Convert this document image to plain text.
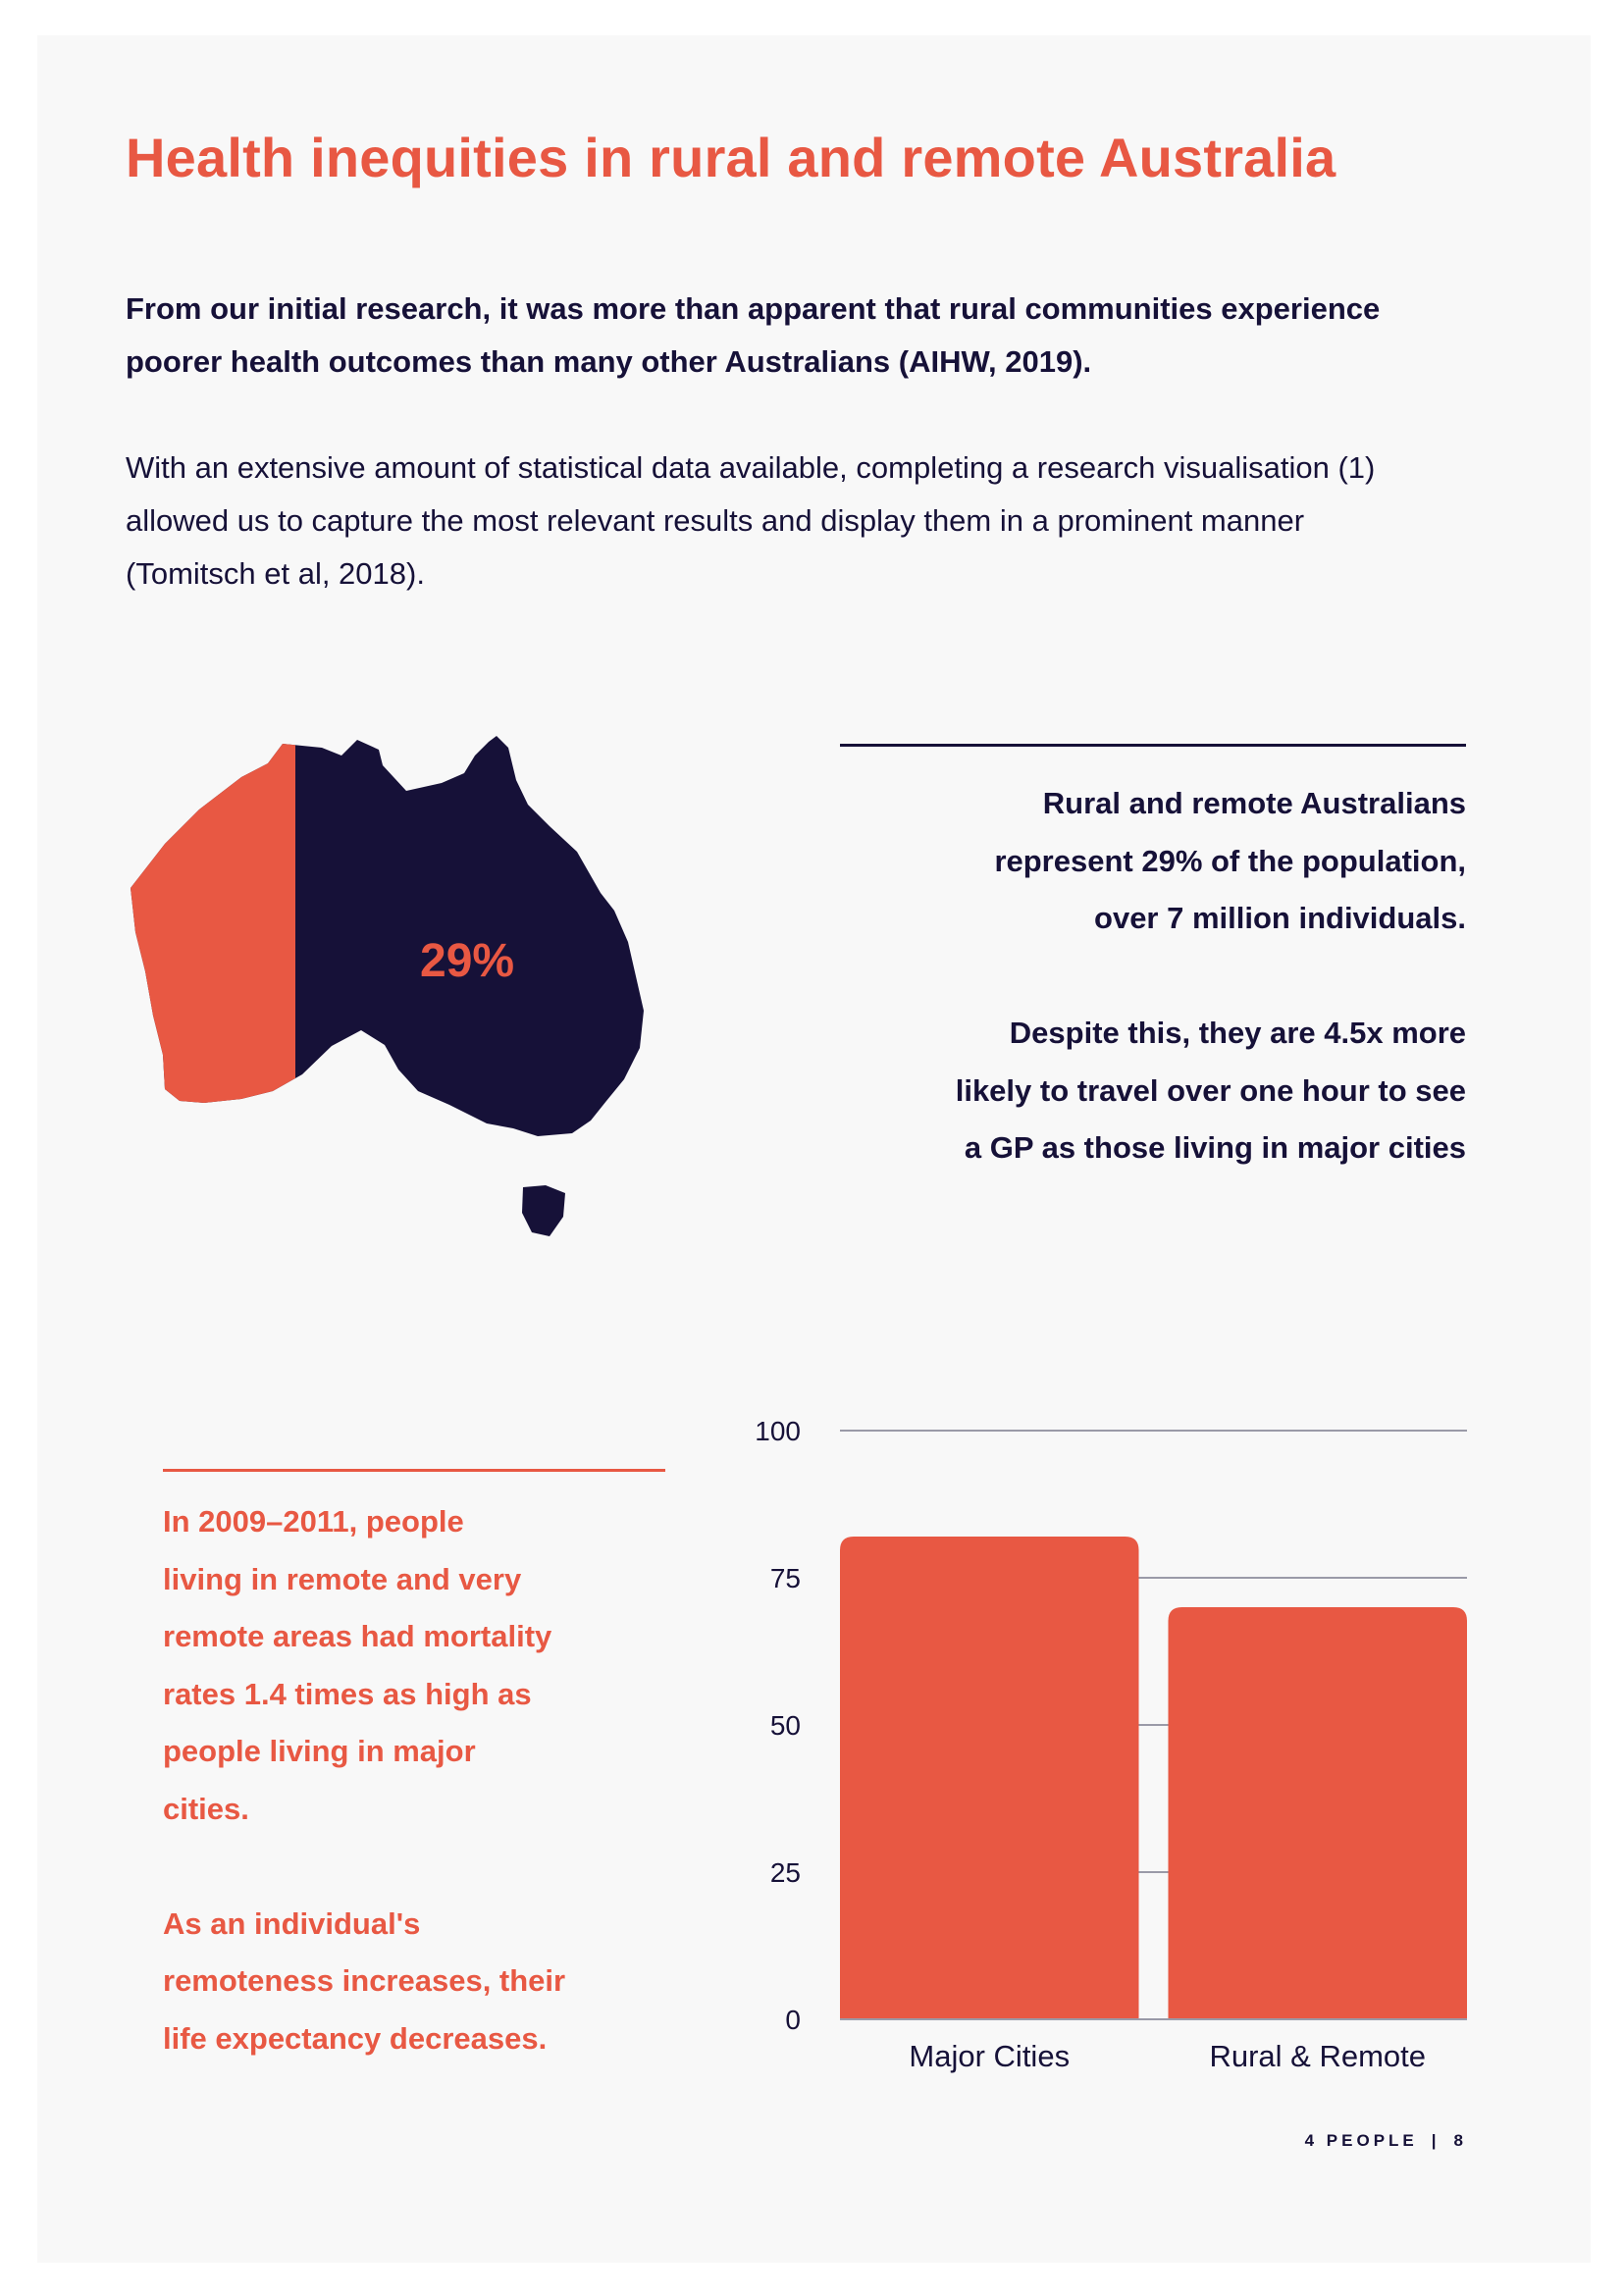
Health inequities in rural and remote Australia

From our initial research, it was more than apparent that rural communities experience poorer health outcomes than many other Australians (AIHW, 2019).

With an extensive amount of statistical data available, completing a research visualisation (1) allowed us to capture the most relevant results and display them in a prominent manner (Tomitsch et al, 2018).

29%
Rural and remote Australians
represent 29% of the population,
over 7 million individuals.
Despite this, they are 4.5x more
likely to travel over one hour to see
a GP as those living in major cities
In 2009–2011, people
living in remote and very
remote areas had mortality
rates 1.4 times as high as
people living in major
cities.
As an individual's
remoteness increases, their
life expectancy decreases.
0
25
50
75
100
Major Cities	Rural & Remote
4 PEOPLE | 8
